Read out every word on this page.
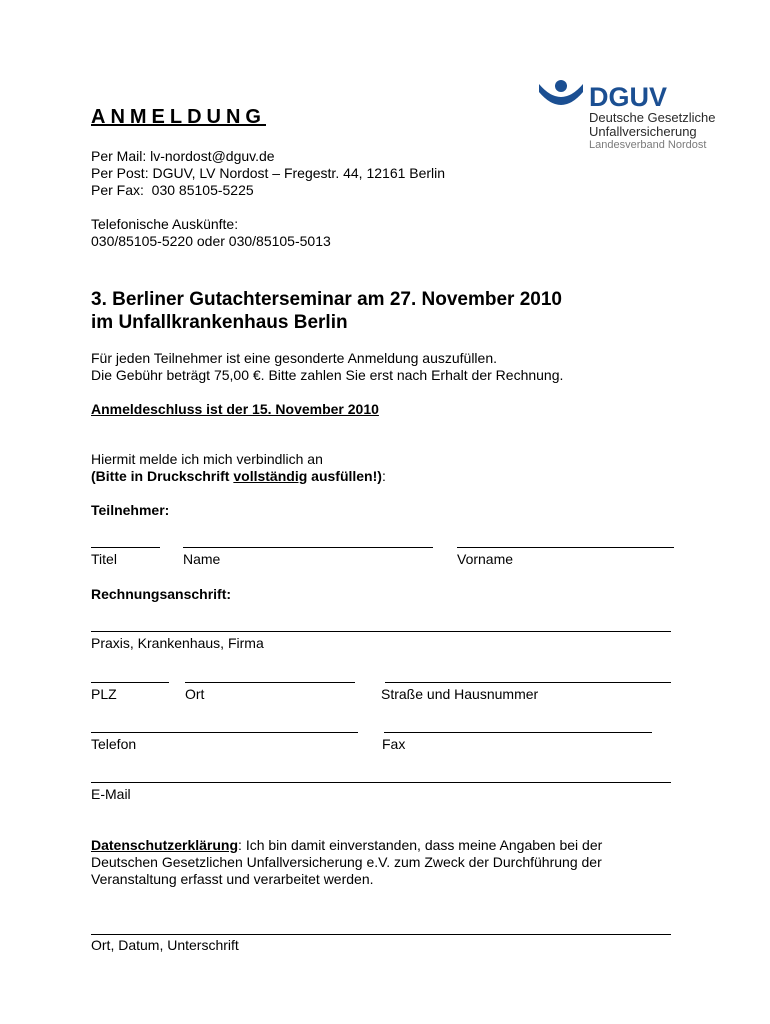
DGUV
Deutsche Gesetzliche
Unfallversicherung
Landesverband Nordost
ANMELDUNG
Per Mail: lv-nordost@dguv.de
Per Post: DGUV, LV Nordost – Fregestr. 44, 12161 Berlin
Per Fax:  030 85105-5225
Telefonische Auskünfte:
030/85105-5220 oder 030/85105-5013
3. Berliner Gutachterseminar am 27. November 2010
im Unfallkrankenhaus Berlin
Für jeden Teilnehmer ist eine gesonderte Anmeldung auszufüllen.
Die Gebühr beträgt 75,00 €. Bitte zahlen Sie erst nach Erhalt der Rechnung.
Anmeldeschluss ist der 15. November 2010
Hiermit melde ich mich verbindlich an
(Bitte in Druckschrift vollständig ausfüllen!):
Teilnehmer:
Titel	Name	Vorname
Rechnungsanschrift:
Praxis, Krankenhaus, Firma
PLZ	Ort	Straße und Hausnummer
Telefon	Fax
E-Mail
Datenschutzerklärung: Ich bin damit einverstanden, dass meine Angaben bei der
Deutschen Gesetzlichen Unfallversicherung e.V. zum Zweck der Durchführung der
Veranstaltung erfasst und verarbeitet werden.
Ort, Datum, Unterschrift
